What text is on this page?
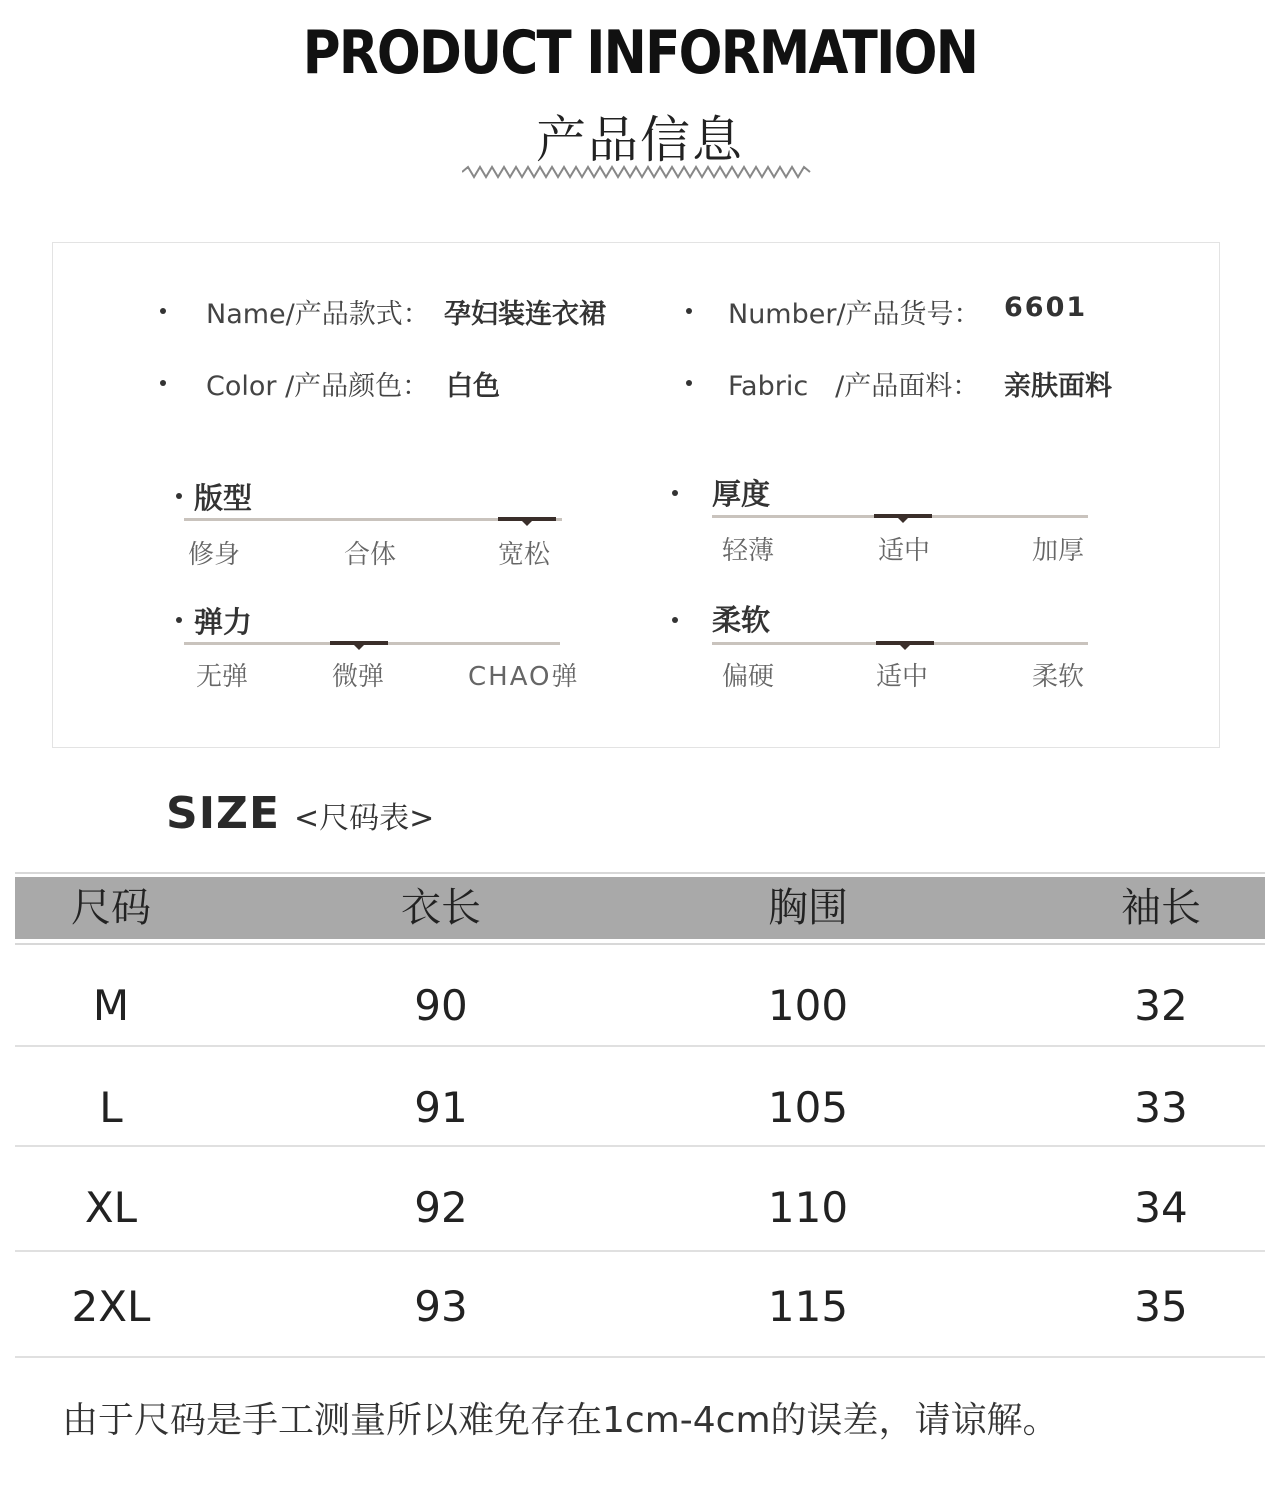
PRODUCT INFORMATION
产品信息
Name/产品款式： 孕妇装连衣裙	Number/产品货号： 6601
Color /产品颜色： 白色	Fabric　/产品面料： 亲肤面料
版型
修身	合体	宽松
厚度
轻薄	适中	加厚
弹力
无弹	微弹	CHAO弹
柔软
偏硬	适中	柔软
SIZE <尺码表>
尺码	衣长	胸围	袖长
M	90	100	32
L	91	105	33
XL	92	110	34
2XL	93	115	35
由于尺码是手工测量所以难免存在1cm-4cm的误差，请谅解。
